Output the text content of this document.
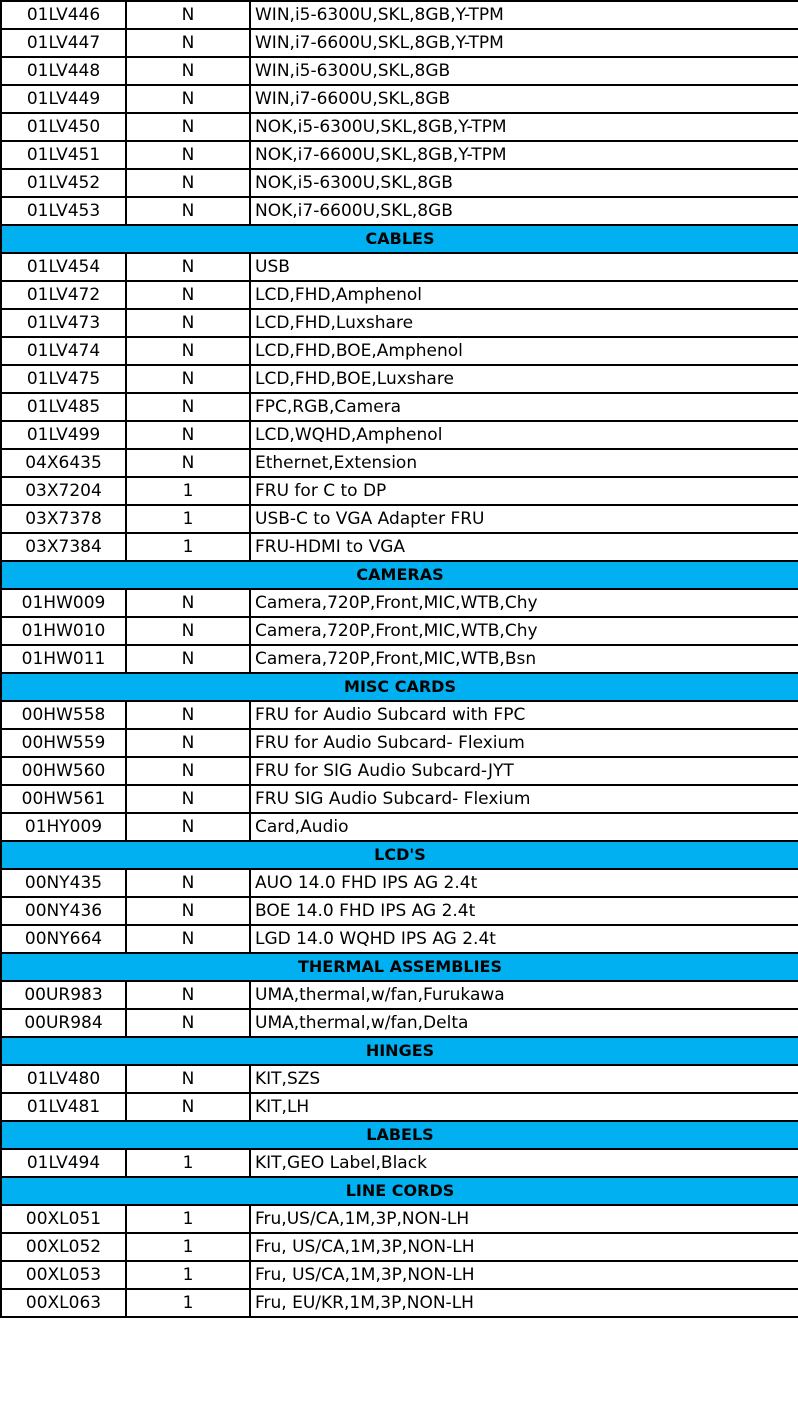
01LV446	N	WIN,i5-6300U,SKL,8GB,Y-TPM
01LV447	N	WIN,i7-6600U,SKL,8GB,Y-TPM
01LV448	N	WIN,i5-6300U,SKL,8GB
01LV449	N	WIN,i7-6600U,SKL,8GB
01LV450	N	NOK,i5-6300U,SKL,8GB,Y-TPM
01LV451	N	NOK,i7-6600U,SKL,8GB,Y-TPM
01LV452	N	NOK,i5-6300U,SKL,8GB
01LV453	N	NOK,i7-6600U,SKL,8GB
CABLES		
01LV454	N	USB
01LV472	N	LCD,FHD,Amphenol
01LV473	N	LCD,FHD,Luxshare
01LV474	N	LCD,FHD,BOE,Amphenol
01LV475	N	LCD,FHD,BOE,Luxshare
01LV485	N	FPC,RGB,Camera
01LV499	N	LCD,WQHD,Amphenol
04X6435	N	Ethernet,Extension
03X7204	1	FRU for C to DP
03X7378	1	USB-C to VGA Adapter FRU
03X7384	1	FRU-HDMI to VGA
CAMERAS		
01HW009	N	Camera,720P,Front,MIC,WTB,Chy
01HW010	N	Camera,720P,Front,MIC,WTB,Chy
01HW011	N	Camera,720P,Front,MIC,WTB,Bsn
MISC CARDS		
00HW558	N	FRU for Audio Subcard with FPC
00HW559	N	FRU for Audio Subcard- Flexium
00HW560	N	FRU for SIG Audio Subcard-JYT
00HW561	N	FRU SIG Audio Subcard- Flexium
01HY009	N	Card,Audio
LCD'S		
00NY435	N	AUO 14.0 FHD IPS AG 2.4t
00NY436	N	BOE 14.0 FHD IPS AG 2.4t
00NY664	N	LGD 14.0 WQHD IPS AG 2.4t
THERMAL ASSEMBLIES		
00UR983	N	UMA,thermal,w/fan,Furukawa
00UR984	N	UMA,thermal,w/fan,Delta
HINGES		
01LV480	N	KIT,SZS
01LV481	N	KIT,LH
LABELS		
01LV494	1	KIT,GEO Label,Black
LINE CORDS		
00XL051	1	Fru,US/CA,1M,3P,NON-LH
00XL052	1	Fru, US/CA,1M,3P,NON-LH
00XL053	1	Fru, US/CA,1M,3P,NON-LH
00XL063	1	Fru, EU/KR,1M,3P,NON-LH
